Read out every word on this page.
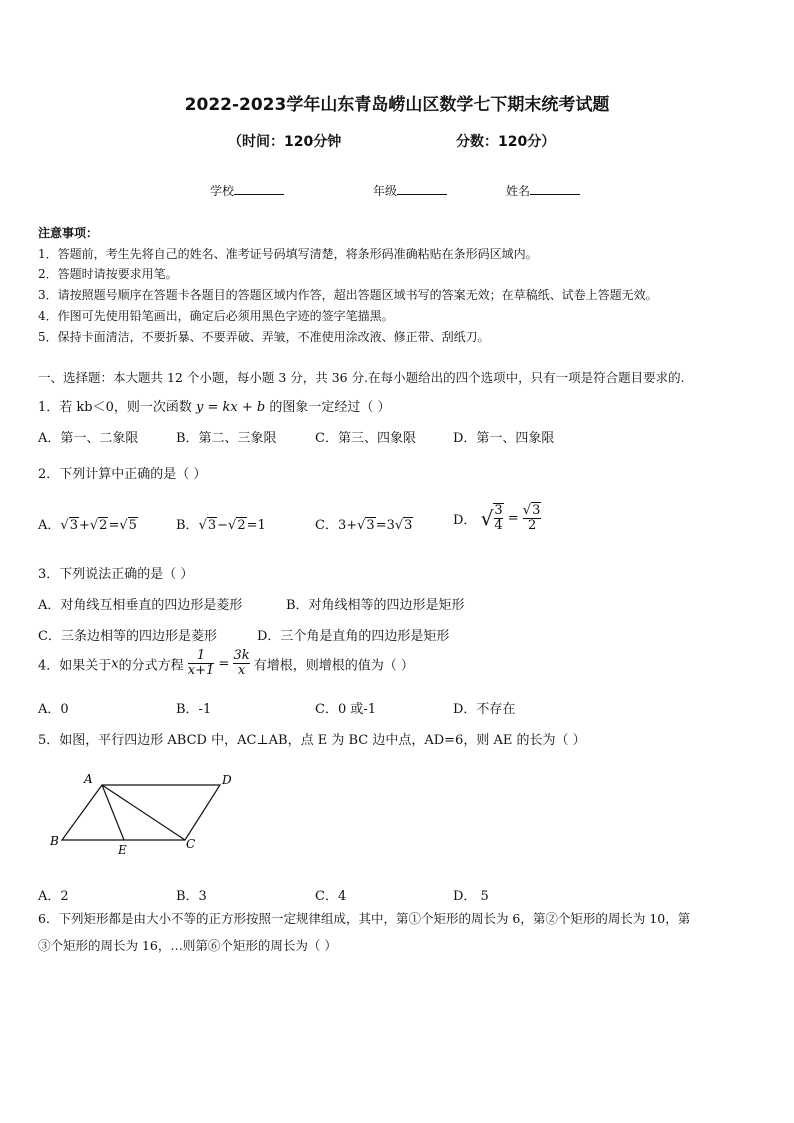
2022-2023学年山东青岛崂山区数学七下期末统考试题
（时间：120分钟	分数：120分）
学校	年级	姓名
注意事项：
1．答题前，考生先将自己的姓名、准考证号码填写清楚，将条形码准确粘贴在条形码区域内。
2．答题时请按要求用笔。
3．请按照题号顺序在答题卡各题目的答题区域内作答，超出答题区域书写的答案无效；在草稿纸、试卷上答题无效。
4．作图可先使用铅笔画出，确定后必须用黑色字迹的签字笔描黑。
5．保持卡面清洁，不要折暴、不要弄破、弄皱，不准使用涂改液、修正带、刮纸刀。
一、选择题：本大题共 12 个小题，每小题 3 分，共 36 分.在每小题给出的四个选项中，只有一项是符合题目要求的.
1．若 kb＜0，则一次函数 y = kx + b 的图象一定经过（ ）
A．第一、二象限	B．第二、三象限	C．第三、四象限	D．第一、四象限
2．下列计算中正确的是（ ）
A．√3+√2=√5	B．√3−√2=1	C．3+√3=3√3	D． √ $\frac{3}{4} = \frac{√3}{2}$
3．下列说法正确的是（ ）
A．对角线互相垂直的四边形是菱形	B．对角线相等的四边形是矩形
C．三条边相等的四边形是菱形	D．三个角是直角的四边形是矩形
4．如果关于x的分式方程 $\frac{1}{x+1} = \frac{3k}{x}$ 有增根，则增根的值为（ ）
A．0	B．-1	C．0 或-1	D．不存在
5．如图，平行四边形 ABCD 中，AC⊥AB，点 E 为 BC 边中点，AD=6，则 AE 的长为（ ）
A	D
B	C
E
A．2	B．3	C．4	D． 5
6．下列矩形都是由大小不等的正方形按照一定规律组成，其中，第①个矩形的周长为 6，第②个矩形的周长为 10，第
③个矩形的周长为 16，…则第⑥个矩形的周长为（ ）
